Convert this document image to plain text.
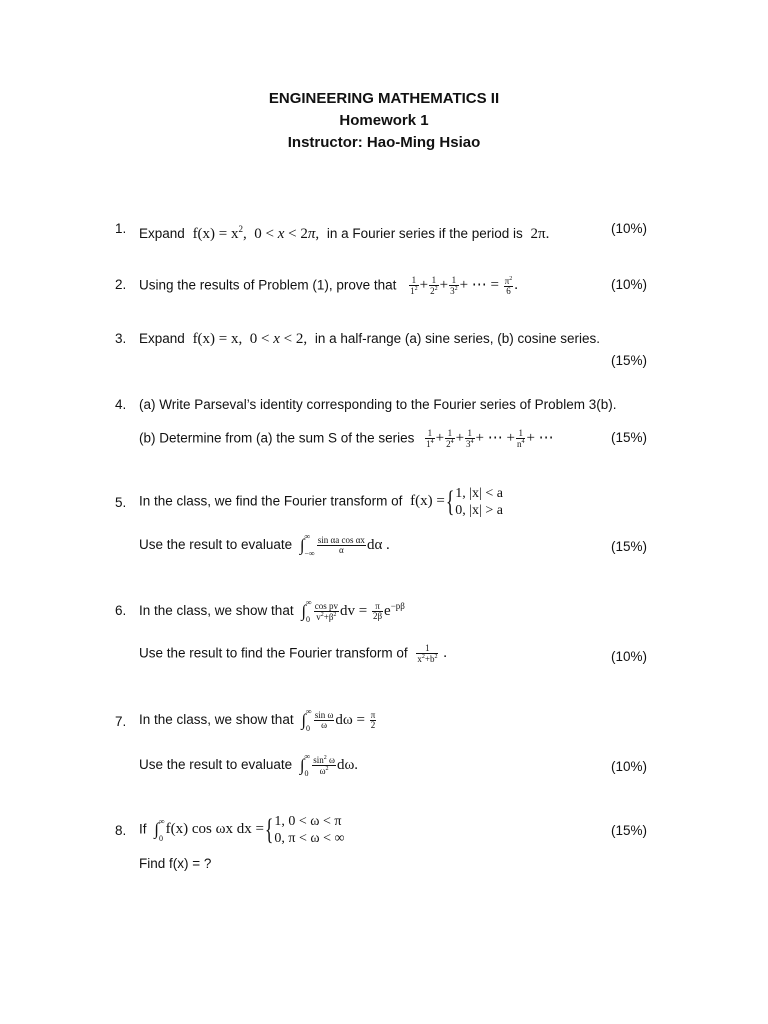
ENGINEERING MATHEMATICS II
Homework 1
Instructor: Hao-Ming Hsiao
1. Expand $f(x) = x^2$,  0 < x < 2π, in a Fourier series if the period is 2π.	(10%)
2. Using the results of Problem (1), prove that $\frac{1}{1^2} + \frac{1}{2^2} + \frac{1}{3^2}$ + ⋯ = $\frac{\pi^2}{6}$ .	(10%)
3. Expand f(x) = x,  0 < x < 2, in a half-range (a) sine series, (b) cosine series.
(15%)
4. (a) Write Parseval’s identity corresponding to the Fourier series of Problem 3(b).
(b) Determine from (a) the sum S of the series $\frac{1}{1^4} + \frac{1}{2^4} + \frac{1}{3^4}$ + ⋯ + $\frac{1}{n^4}$ + ⋯	(15%)
5. In the class, we find the Fourier transform of f(x) ={ 1, |x| < a
0, |x| > a
Use the result to evaluate ∫ ∞
−∞ $\frac{\text{sin αa cos αx}}{\alpha}$ dα .	(15%)
6. In the class, we show that ∫ ∞
$0 \frac{\text{cos pv}}{v^2+\beta^2}$ dv = $\frac{\pi}{2\beta} e^{-p\beta}$
Use the result to find the Fourier transform of $\frac{1}{x^2+b^2}$ .	(10%)
7. In the class, we show that ∫ ∞
$0 \frac{\text{sin ω}}{\omega}$ $d\omega = \frac{\pi}{2}$
Use the result to evaluate ∫ ∞
$0 \frac{\sin^2 \omega}{\omega^2} d\omega$.	(10%)
8. If ∫ ∞
0
f(x) cos ωx dx ={ 1, 0 < ω < π
0, π < ω < ∞
(15%)
Find f(x) = ?
